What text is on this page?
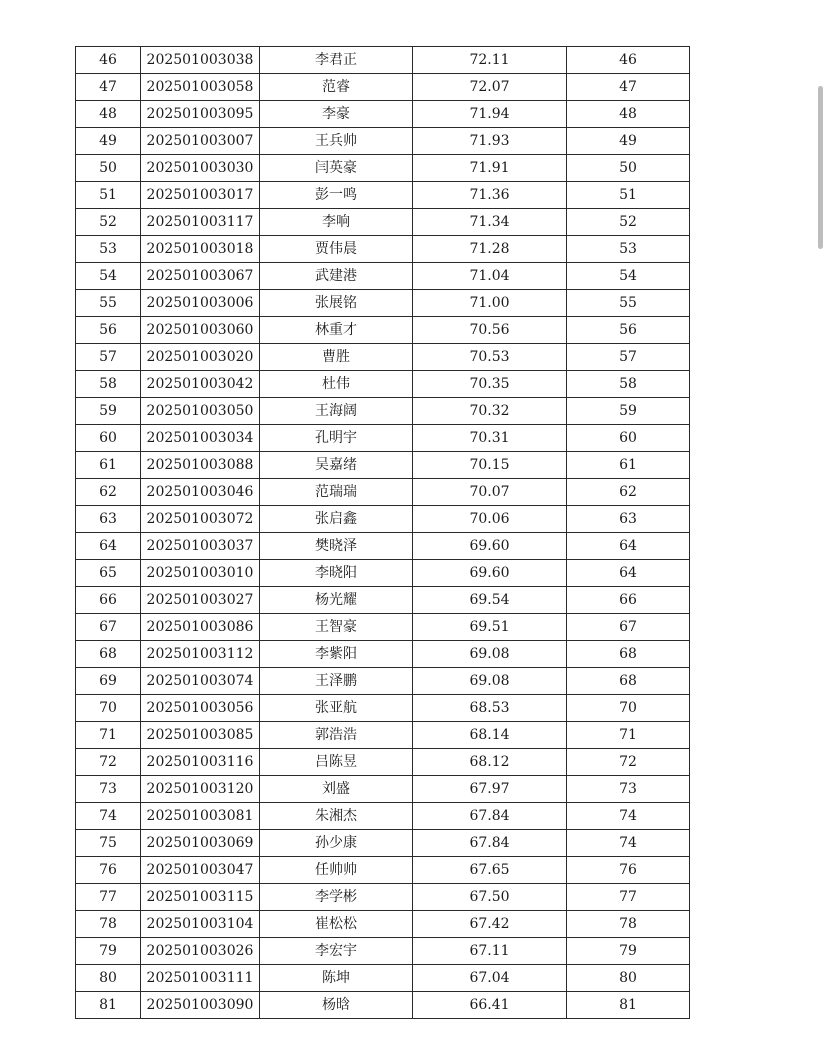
46	202501003038	李君正	72.11	46
47	202501003058	范睿	72.07	47
48	202501003095	李豪	71.94	48
49	202501003007	王兵帅	71.93	49
50	202501003030	闫英豪	71.91	50
51	202501003017	彭一鸣	71.36	51
52	202501003117	李响	71.34	52
53	202501003018	贾伟晨	71.28	53
54	202501003067	武建港	71.04	54
55	202501003006	张展铭	71.00	55
56	202501003060	林重才	70.56	56
57	202501003020	曹胜	70.53	57
58	202501003042	杜伟	70.35	58
59	202501003050	王海阔	70.32	59
60	202501003034	孔明宇	70.31	60
61	202501003088	吴嘉绪	70.15	61
62	202501003046	范瑞瑞	70.07	62
63	202501003072	张启鑫	70.06	63
64	202501003037	樊晓泽	69.60	64
65	202501003010	李晓阳	69.60	64
66	202501003027	杨光耀	69.54	66
67	202501003086	王智豪	69.51	67
68	202501003112	李紫阳	69.08	68
69	202501003074	王泽鹏	69.08	68
70	202501003056	张亚航	68.53	70
71	202501003085	郭浩浩	68.14	71
72	202501003116	吕陈昱	68.12	72
73	202501003120	刘盛	67.97	73
74	202501003081	朱湘杰	67.84	74
75	202501003069	孙少康	67.84	74
76	202501003047	任帅帅	67.65	76
77	202501003115	李学彬	67.50	77
78	202501003104	崔松松	67.42	78
79	202501003026	李宏宇	67.11	79
80	202501003111	陈坤	67.04	80
81	202501003090	杨晗	66.41	81
